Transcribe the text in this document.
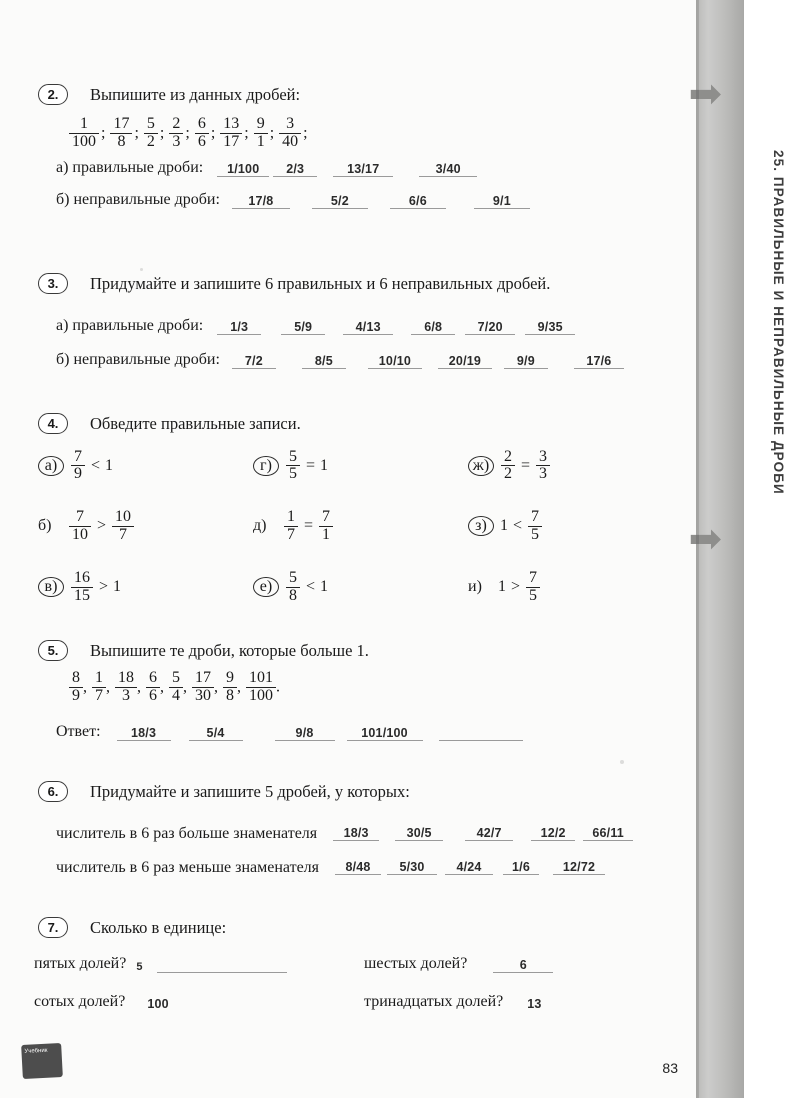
➡
➡
25. ПРАВИЛЬНЫЕ И НЕПРАВИЛЬНЫЕ ДРОБИ
2.	Выпишите из данных дробей:
$\frac{1}{100}$ ; $\frac{17}{8}$ ; $\frac{5}{2}$ ; $\frac{2}{3}$ ; $\frac{6}{6}$ ; $\frac{13}{17}$ ; $\frac{9}{1}$ ; $\frac{3}{40}$ ;
а) правильные дроби:	1/100	2/3	13/17	3/40
б) неправильные дроби:	17/8	5/2	6/6	9/1
3.	Придумайте и запишите 6 правильных и 6 неправильных дробей.
а) правильные дроби:	1/3	5/9	4/13	6/8	7/20	9/35
б) неправильные дроби:	7/2	8/5	10/10	20/19	9/9	17/6
4.	Обведите правильные записи.
$а) \frac{7}{9} < 1$	$г) \frac{5}{5} = 1$	$ж) \frac{2}{2} = \frac{3}{3}$
б)	$\frac{7}{10} > \frac{10}{7}$	д)	$\frac{1}{7} = \frac{7}{1}$	з) $1 < \frac{7}{5}$
$в) \frac{16}{15} > 1$	$е) \frac{5}{8} < 1$	и)	$1 > \frac{7}{5}$
5.	Выпишите те дроби, которые больше 1.
$\frac{8}{9}$ , $\frac{1}{7}$ , $\frac{18}{3}$ , $\frac{6}{6}$ , $\frac{5}{4}$ , $\frac{17}{30}$ , $\frac{9}{8}$ , $\frac{101}{100}$ .
Ответ:	18/3	5/4	9/8	101/100
6.	Придумайте и запишите 5 дробей, у которых:
числитель в 6 раз больше знаменателя	18/3	30/5	42/7	12/2	66/11
числитель в 6 раз меньше знаменателя	8/48	5/30	4/24	1/6	12/72
7.	Сколько в единице:
пятых долей? 5	шестых долей?	6
сотых долей? 100	тринадцатых долей? 13
Учебник
83
